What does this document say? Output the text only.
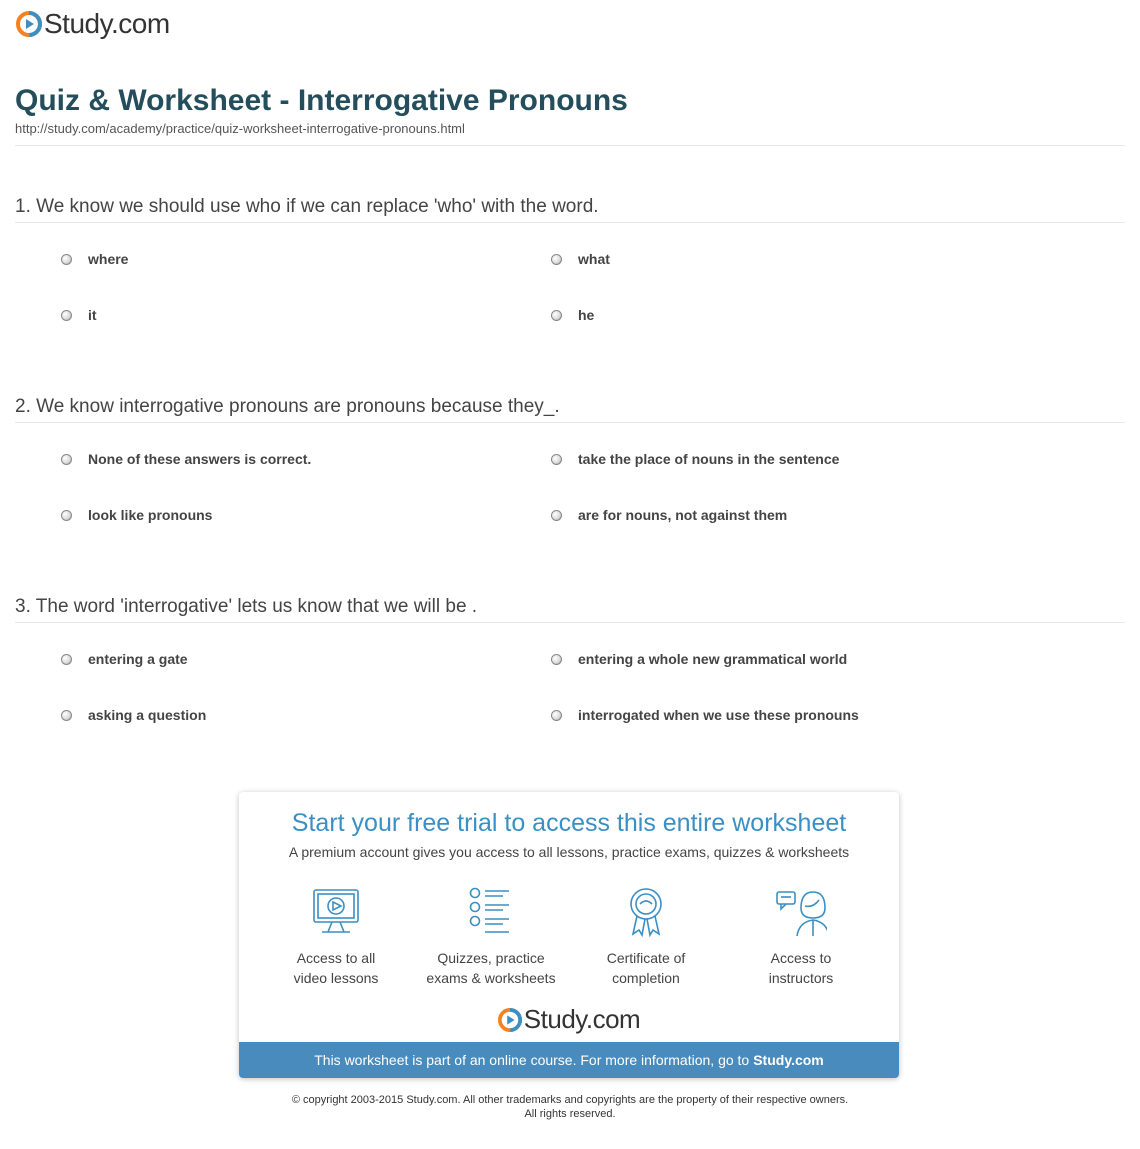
Study.com
Quiz & Worksheet - Interrogative Pronouns
http://study.com/academy/practice/quiz-worksheet-interrogative-pronouns.html

1. We know we should use who if we can replace 'who' with the word.

where	what
it	he

2. We know interrogative pronouns are pronouns because they_.

None of these answers is correct.	take the place of nouns in the sentence
look like pronouns	are for nouns, not against them

3. The word 'interrogative' lets us know that we will be .

entering a gate	entering a whole new grammatical world
asking a question	interrogated when we use these pronouns
Start your free trial to access this entire worksheet
A premium account gives you access to all lessons, practice exams, quizzes & worksheets
Access to all
video lessons
Quizzes, practice
exams & worksheets
Certificate of
completion
Access to
instructors
Study.com
This worksheet is part of an online course. For more information, go to Study.com
© copyright 2003-2015 Study.com. All other trademarks and copyrights are the property of their respective owners.
All rights reserved.
